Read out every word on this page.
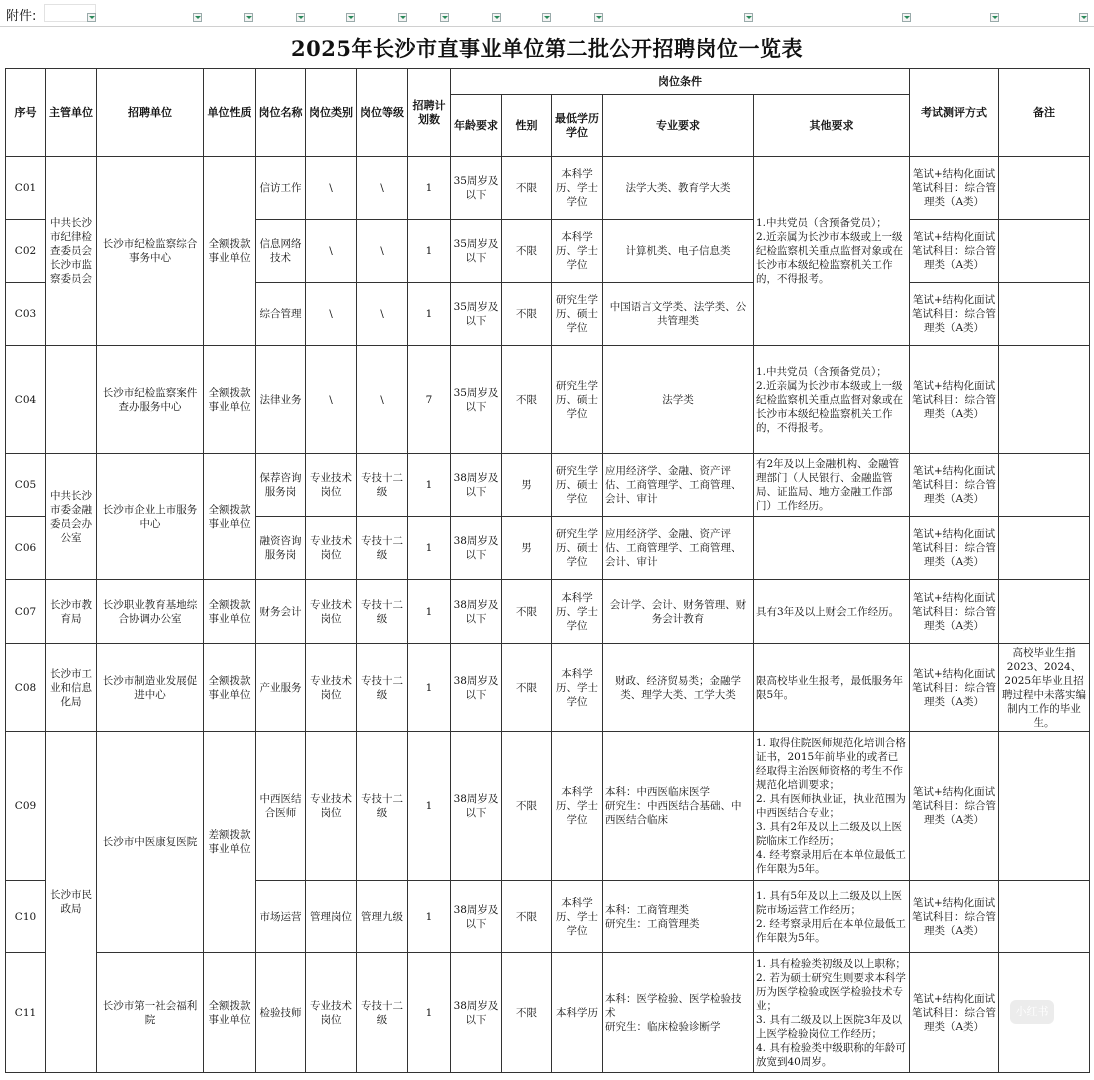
附件:
2025年长沙市直事业单位第二批公开招聘岗位一览表
序号	主管单位	招聘单位	单位性质	岗位名称	岗位类别	岗位等级	招聘计划数	岗位条件					考试测评方式	备注
								年龄要求	性别	最低学历学位	专业要求	其他要求		
C01	中共长沙市纪律检查委员会长沙市监察委员会	长沙市纪检监察综合事务中心	全额拨款事业单位	信访工作	\	\	1	35周岁及以下	不限	本科学历、学士学位	法学大类、教育学大类	1.中共党员（含预备党员）；
2.近亲属为长沙市本级或上一级纪检监察机关重点监督对象或在长沙市本级纪检监察机关工作的，不得报考。	笔试+结构化面试
笔试科目：综合管理类（A类）	
C02				信息网络技术	\	\	1	35周岁及以下	不限	本科学历、学士学位	计算机类、电子信息类		笔试+结构化面试
笔试科目：综合管理类（A类）	
C03				综合管理	\	\	1	35周岁及以下	不限	研究生学历、硕士学位	中国语言文学类、法学类、公共管理类		笔试+结构化面试
笔试科目：综合管理类（A类）	
C04		长沙市纪检监察案件查办服务中心	全额拨款事业单位	法律业务	\	\	7	35周岁及以下	不限	研究生学历、硕士学位	法学类	1.中共党员（含预备党员）；
2.近亲属为长沙市本级或上一级纪检监察机关重点监督对象或在长沙市本级纪检监察机关工作的，不得报考。	笔试+结构化面试
笔试科目：综合管理类（A类）	
C05	中共长沙市委金融委员会办公室	长沙市企业上市服务中心	全额拨款事业单位	保荐咨询服务岗	专业技术岗位	专技十二级	1	38周岁及以下	男	研究生学历、硕士学位	应用经济学、金融、资产评估、工商管理学、工商管理、会计、审计	有2年及以上金融机构、金融管理部门（人民银行、金融监管局、证监局、地方金融工作部门）工作经历。	笔试+结构化面试
笔试科目：综合管理类（A类）	
C06				融资咨询服务岗	专业技术岗位	专技十二级	1	38周岁及以下	男	研究生学历、硕士学位	应用经济学、金融、资产评估、工商管理学、工商管理、会计、审计		笔试+结构化面试
笔试科目：综合管理类（A类）	
C07	长沙市教育局	长沙职业教育基地综合协调办公室	全额拨款事业单位	财务会计	专业技术岗位	专技十二级	1	38周岁及以下	不限	本科学历、学士学位	会计学、会计、财务管理、财务会计教育	具有3年及以上财会工作经历。	笔试+结构化面试
笔试科目：综合管理类（A类）	
C08	长沙市工业和信息化局	长沙市制造业发展促进中心	全额拨款事业单位	产业服务	专业技术岗位	专技十二级	1	38周岁及以下	不限	本科学历、学士学位	财政、经济贸易类；金融学类、理学大类、工学大类	限高校毕业生报考，最低服务年限5年。	笔试+结构化面试
笔试科目：综合管理类（A类）	高校毕业生指2023、2024、2025年毕业且招聘过程中未落实编制内工作的毕业生。
C09	长沙市民政局	长沙市中医康复医院	差额拨款事业单位	中西医结合医师	专业技术岗位	专技十二级	1	38周岁及以下	不限	本科学历、学士学位	本科：中西医临床医学
研究生：中西医结合基础、中西医结合临床	1. 取得住院医师规范化培训合格证书，2015年前毕业的或者已经取得主治医师资格的考生不作规范化培训要求；
2. 具有医师执业证，执业范围为中西医结合专业；
3. 具有2年及以上二级及以上医院临床工作经历；
4. 经考察录用后在本单位最低工作年限为5年。	笔试+结构化面试
笔试科目：综合管理类（A类）	
C10				市场运营	管理岗位	管理九级	1	38周岁及以下	不限	本科学历、学士学位	本科：工商管理类
研究生：工商管理类	1. 具有5年及以上二级及以上医院市场运营工作经历；
2. 经考察录用后在本单位最低工作年限为5年。	笔试+结构化面试
笔试科目：综合管理类（A类）	
C11		长沙市第一社会福利院	全额拨款事业单位	检验技师	专业技术岗位	专技十二级	1	38周岁及以下	不限	本科学历	本科：医学检验、医学检验技术
研究生：临床检验诊断学	1. 具有检验类初级及以上职称；
2. 若为硕士研究生则要求本科学历为医学检验或医学检验技术专业；
3. 具有二级及以上医院3年及以上医学检验岗位工作经历；
4. 具有检验类中级职称的年龄可放宽到40周岁。	笔试+结构化面试
笔试科目：综合管理类（A类）	
小红书
